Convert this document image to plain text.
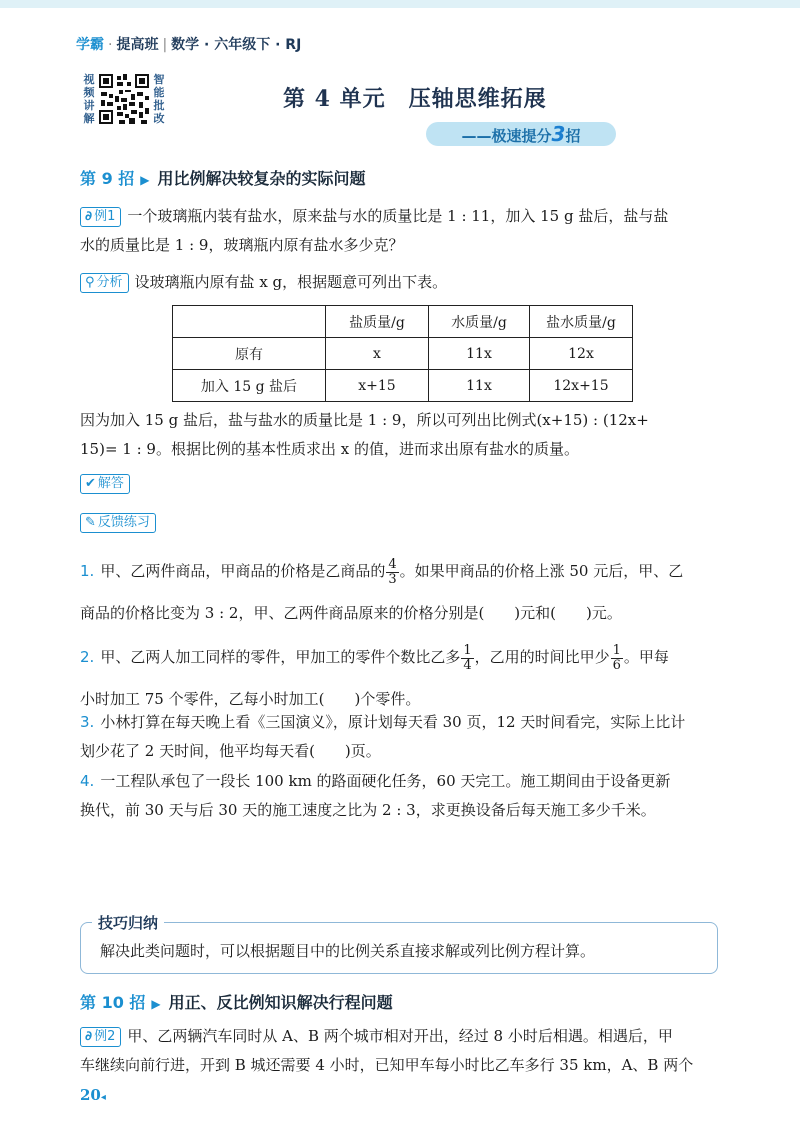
学霸 · 提高班 | 数学 · 六年级下 · RJ
视频讲解
智能批改
第 4 单元　压轴思维拓展
——极速提分3招
第 9 招 ▶ 用比例解决较复杂的实际问题
∂ 例1 一个玻璃瓶内装有盐水，原来盐与水的质量比是 1 : 11，加入 15 g 盐后，盐与盐
水的质量比是 1 : 9，玻璃瓶内原有盐水多少克？
⚲ 分析 设玻璃瓶内原有盐 x g，根据题意可列出下表。
	盐质量/g	水质量/g	盐水质量/g
原有	x	11x	12x
加入 15 g 盐后	x+15	11x	12x+15
因为加入 15 g 盐后，盐与盐水的质量比是 1 : 9，所以可列出比例式(x+15) : (12x+
15)= 1 : 9。根据比例的基本性质求出 x 的值，进而求出原有盐水的质量。
✔ 解答
✎ 反馈练习
1. 甲、乙两件商品，甲商品的价格是乙商品的 $\frac{4}{3}$ 。如果甲商品的价格上涨 50 元后，甲、乙
商品的价格比变为 3 : 2，甲、乙两件商品原来的价格分别是(　　)元和(　　)元。
2. 甲、乙两人加工同样的零件，甲加工的零件个数比乙多 $\frac{1}{4}$ ，乙用的时间比甲少 $\frac{1}{6}$ 。甲每
小时加工 75 个零件，乙每小时加工(　　)个零件。
3. 小林打算在每天晚上看《三国演义》，原计划每天看 30 页，12 天时间看完，实际上比计
划少花了 2 天时间，他平均每天看(　　)页。
4. 一工程队承包了一段长 100 km 的路面硬化任务，60 天完工。施工期间由于设备更新
换代，前 30 天与后 30 天的施工速度之比为 2 : 3，求更换设备后每天施工多少千米。
技巧归纳
解决此类问题时，可以根据题目中的比例关系直接求解或列比例方程计算。
第 10 招 ▶ 用正、反比例知识解决行程问题
∂ 例2 甲、乙两辆汽车同时从 A、B 两个城市相对开出，经过 8 小时后相遇。相遇后，甲
车继续向前行进，开到 B 城还需要 4 小时，已知甲车每小时比乙车多行 35 km，A、B 两个
20◂
